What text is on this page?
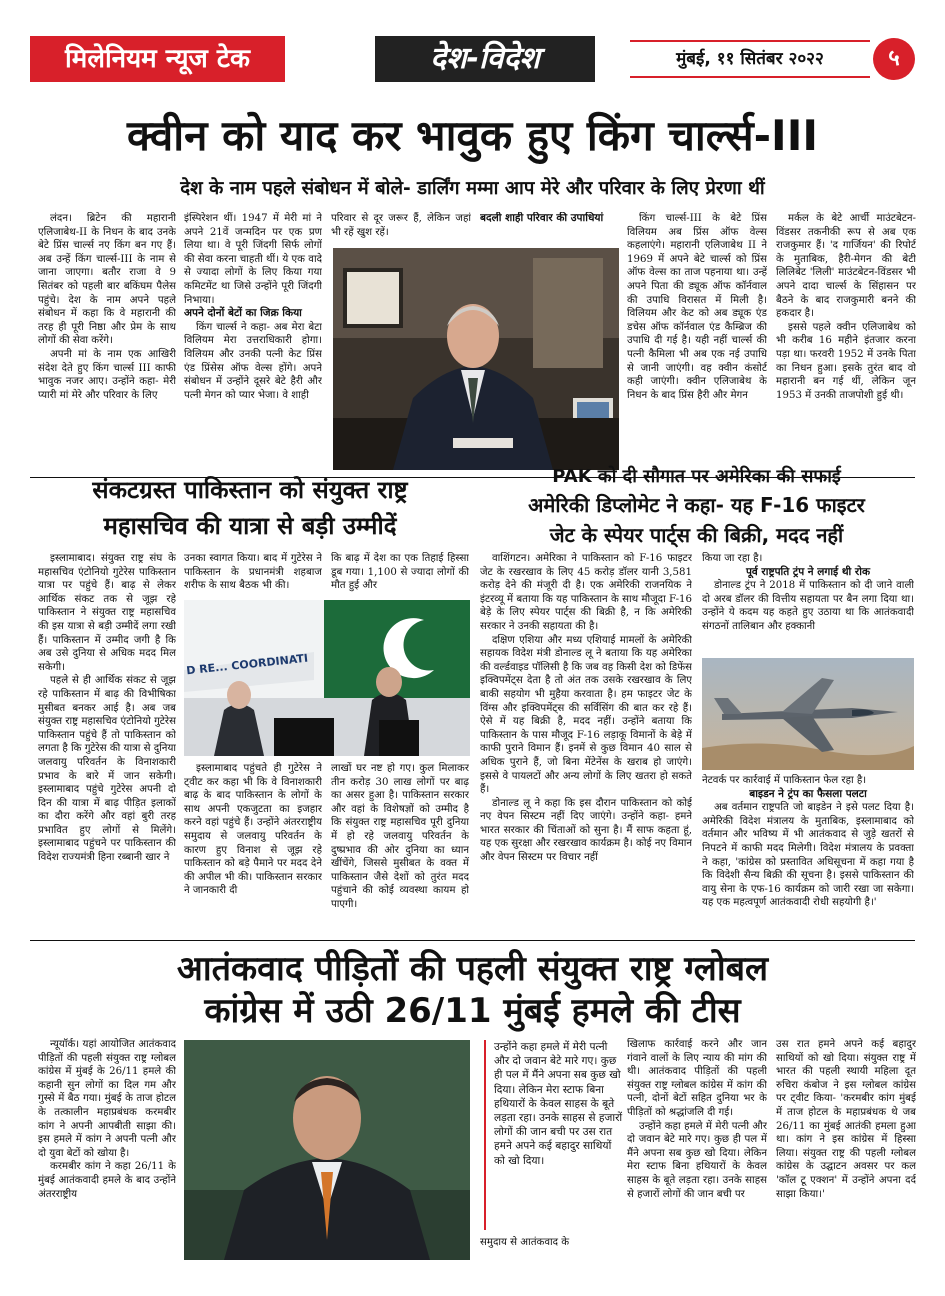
मिलेनियम न्यूज टेक	देश-विदेश	मुंबई, ११ सितंबर २०२२	५
क्वीन को याद कर भावुक हुए किंग चार्ल्स-III
देश के नाम पहले संबोधन में बोले- डार्लिंग मम्मा आप मेरे और परिवार के लिए प्रेरणा थीं

लंदन। ब्रिटेन की महारानी एलिजाबेथ-II के निधन के बाद उनके बेटे प्रिंस चार्ल्स नए किंग बन गए हैं। अब उन्हें किंग चार्ल्स-III के नाम से जाना जाएगा। बतौर राजा वे 9 सितंबर को पहली बार बकिंघम पैलेस पहुंचे। देश के नाम अपने पहले संबोधन में कहा कि वे महारानी की तरह ही पूरी निष्ठा और प्रेम के साथ लोगों की सेवा करेंगे।

अपनी मां के नाम एक आखिरी संदेश देते हुए किंग चार्ल्स III काफी भावुक नजर आए। उन्होंने कहा- मेरी प्यारी मां मेरे और परिवार के लिए

इंस्पिरेशन थीं। 1947 में मेरी मां ने अपने 21वें जन्मदिन पर एक प्रण लिया था। वे पूरी जिंदगी सिर्फ लोगों की सेवा करना चाहती थीं। ये एक वादे से ज्यादा लोगों के लिए किया गया कमिटमेंट था जिसे उन्होंने पूरी जिंदगी निभाया।

अपने दोनों बेटों का जिक्र किया

किंग चार्ल्स ने कहा- अब मेरा बेटा विलियम मेरा उत्तराधिकारी होगा। विलियम और उनकी पत्नी केट प्रिंस एंड प्रिंसेस ऑफ वेल्स होंगे। अपने संबोधन में उन्होंने दूसरे बेटे हैरी और पत्नी मेगन को प्यार भेजा। वे शाही

परिवार से दूर जरूर हैं, लेकिन जहां भी रहें खुश रहें।

बदली शाही परिवार की उपाधियां	किंग चार्ल्स-III के बेटे प्रिंस विलियम अब प्रिंस ऑफ वेल्स कहलाएंगे। महारानी एलिजाबेथ II ने 1969 में अपने बेटे चार्ल्स को प्रिंस ऑफ वेल्स का ताज पहनाया था। उन्हें अपने पिता की ड्यूक ऑफ कॉर्नवाल की उपाधि विरासत में मिली है। विलियम और केट को अब ड्यूक एंड डचेस ऑफ कॉर्नवाल एंड कैम्ब्रिज की उपाधि दी गई है। यही नहीं चार्ल्स की पत्नी कैमिला भी अब एक नई उपाधि से जानी जाएंगी। वह क्वीन कंसोर्ट कही जाएंगी। क्वीन एलिजाबेथ के निधन के बाद प्रिंस हैरी और मेगन

मर्कल के बेटे आर्ची माउंटबेटन-विंडसर तकनीकी रूप से अब एक राजकुमार हैं। 'द गार्जियन' की रिपोर्ट के मुताबिक, हैरी-मेगन की बेटी लिलिबेट 'लिली' माउंटबेटन-विंडसर भी अपने दादा चार्ल्स के सिंहासन पर बैठने के बाद राजकुमारी बनने की हकदार है।

इससे पहले क्वीन एलिजाबेथ को भी करीब 16 महीने इंतजार करना पड़ा था। फरवरी 1952 में उनके पिता का निधन हुआ। इसके तुरंत बाद वो महारानी बन गई थीं, लेकिन जून 1953 में उनकी ताजपोशी हुई थी।

संकटग्रस्त पाकिस्तान को संयुक्त राष्ट्र
महासचिव की यात्रा से बड़ी उम्मीदें

इस्लामाबाद। संयुक्त राष्ट्र संघ के महासचिव एंटोनियो गुटेरेस पाकिस्तान यात्रा पर पहुंचे हैं। बाढ़ से लेकर आर्थिक संकट तक से जूझ रहे पाकिस्तान ने संयुक्त राष्ट्र महासचिव की इस यात्रा से बड़ी उम्मीदें लगा रखी हैं। पाकिस्तान में उम्मीद जगी है कि अब उसे दुनिया से अधिक मदद मिल सकेगी।

पहले से ही आर्थिक संकट से जूझ रहे पाकिस्तान में बाढ़ की विभीषिका मुसीबत बनकर आई है। अब जब संयुक्त राष्ट्र महासचिव एंटोनियो गुटेरेस पाकिस्तान पहुंचे हैं तो पाकिस्तान को लगता है कि गुटेरेस की यात्रा से दुनिया जलवायु परिवर्तन के विनाशकारी प्रभाव के बारे में जान सकेगी। इस्लामाबाद पहुंचे गुटेरेस अपनी दो दिन की यात्रा में बाढ़ पीड़ित इलाकों का दौरा करेंगे और वहां बुरी तरह प्रभावित हुए लोगों से मिलेंगे। इस्लामाबाद पहुंचने पर पाकिस्तान की विदेश राज्यमंत्री हिना रब्बानी खार ने

उनका स्वागत किया। बाद में गुटेरेस ने पाकिस्तान के प्रधानमंत्री शहबाज शरीफ के साथ बैठक भी की।

कि बाढ़ में देश का एक तिहाई हिस्सा डूब गया। 1,100 से ज्यादा लोगों की मौत हुई और

D RE... COORDINATI

इस्लामाबाद पहुंचते ही गुटेरेस ने ट्वीट कर कहा भी कि वे विनाशकारी बाढ़ के बाद पाकिस्तान के लोगों के साथ अपनी एकजुटता का इजहार करने वहां पहुंचे हैं। उन्होंने अंतरराष्ट्रीय समुदाय से जलवायु परिवर्तन के कारण हुए विनाश से जूझ रहे पाकिस्तान को बड़े पैमाने पर मदद देने की अपील भी की। पाकिस्तान सरकार ने जानकारी दी

लाखों घर नष्ट हो गए। कुल मिलाकर तीन करोड़ 30 लाख लोगों पर बाढ़ का असर हुआ है। पाकिस्तान सरकार और वहां के विशेषज्ञों को उम्मीद है कि संयुक्त राष्ट्र महासचिव पूरी दुनिया में हो रहे जलवायु परिवर्तन के दुष्प्रभाव की ओर दुनिया का ध्यान खींचेंगे, जिससे मुसीबत के वक्त में पाकिस्तान जैसे देशों को तुरंत मदद पहुंचाने की कोई व्यवस्था कायम हो पाएगी।

PAK को दी सौगात पर अमेरिका की सफाई
अमेरिकी डिप्लोमेट ने कहा- यह F-16 फाइटर
जेट के स्पेयर पार्ट्स की बिक्री, मदद नहीं

वाशिंगटन। अमेरिका ने पाकिस्तान को F-16 फाइटर जेट के रखरखाव के लिए 45 करोड़ डॉलर यानी 3,581 करोड़ देने की मंजूरी दी है। एक अमेरिकी राजनयिक ने इंटरव्यू में बताया कि यह पाकिस्तान के साथ मौजूदा F-16 बेड़े के लिए स्पेयर पार्ट्स की बिक्री है, न कि अमेरिकी सरकार ने उनकी सहायता की है।

दक्षिण एशिया और मध्य एशियाई मामलों के अमेरिकी सहायक विदेश मंत्री डोनाल्ड लू ने बताया कि यह अमेरिका की वर्ल्डवाइड पॉलिसी है कि जब वह किसी देश को डिफेंस इक्विपमेंट्स देता है तो अंत तक उसके रखरखाव के लिए बाकी सहयोग भी मुहैया करवाता है। हम फाइटर जेट के विंग्स और इक्विपमेंट्स की सर्विसिंग की बात कर रहे हैं। ऐसे में यह बिक्री है, मदद नहीं। उन्होंने बताया कि पाकिस्तान के पास मौजूद F-16 लड़ाकू विमानों के बेड़े में काफी पुराने विमान हैं। इनमें से कुछ विमान 40 साल से अधिक पुराने हैं, जो बिना मेंटेनेंस के खराब हो जाएंगे। इससे वे पायलटों और अन्य लोगों के लिए खतरा हो सकते हैं।

डोनाल्ड लू ने कहा कि इस दौरान पाकिस्तान को कोई नए वेपन सिस्टम नहीं दिए जाएंगे। उन्होंने कहा- हमने भारत सरकार की चिंताओं को सुना है। मैं साफ कहता हूं, यह एक सुरक्षा और रखरखाव कार्यक्रम है। कोई नए विमान और वेपन सिस्टम पर विचार नहीं

किया जा रहा है।

पूर्व राष्ट्रपति ट्रंप ने लगाई थी रोक

डोनाल्ड ट्रंप ने 2018 में पाकिस्तान को दी जाने वाली दो अरब डॉलर की वित्तीय सहायता पर बैन लगा दिया था। उन्होंने ये कदम यह कहते हुए उठाया था कि आतंकवादी संगठनों तालिबान और हक्कानी

नेटवर्क पर कार्रवाई में पाकिस्तान फेल रहा है।

बाइडन ने ट्रंप का फैसला पलटा

अब वर्तमान राष्ट्रपति जो बाइडेन ने इसे पलट दिया है। अमेरिकी विदेश मंत्रालय के मुताबिक, इस्लामाबाद को वर्तमान और भविष्य में भी आतंकवाद से जुड़े खतरों से निपटने में काफी मदद मिलेगी। विदेश मंत्रालय के प्रवक्ता ने कहा, 'कांग्रेस को प्रस्तावित अधिसूचना में कहा गया है कि विदेशी सैन्य बिक्री की सूचना है। इससे पाकिस्तान की वायु सेना के एफ-16 कार्यक्रम को जारी रखा जा सकेगा। यह एक महत्वपूर्ण आतंकवादी रोधी सहयोगी है।'

आतंकवाद पीड़ितों की पहली संयुक्त राष्ट्र ग्लोबल
कांग्रेस में उठी 26/11 मुंबई हमले की टीस

न्यूयॉर्क। यहां आयोजित आतंकवाद पीड़ितों की पहली संयुक्त राष्ट्र ग्लोबल कांग्रेस में मुंबई के 26/11 हमले की कहानी सुन लोगों का दिल गम और गुस्से में बैठ गया। मुंबई के ताज होटल के तत्कालीन महाप्रबंधक करमबीर कांग ने अपनी आपबीती साझा की। इस हमले में कांग ने अपनी पत्नी और दो युवा बेटों को खोया है।

करमबीर कांग ने कहा 26/11 के मुंबई आतंकवादी हमले के बाद उन्होंने अंतरराष्ट्रीय

उन्होंने कहा हमले में मेरी पत्नी और दो जवान बेटे मारे गए। कुछ ही पल में मैंने अपना सब कुछ खो दिया। लेकिन मेरा स्टाफ बिना हथियारों के केवल साहस के बूते लड़ता रहा। उनके साहस से हजारों लोगों की जान बची पर उस रात हमने अपने कई बहादुर साथियों को खो दिया।

समुदाय से आतंकवाद के

खिलाफ कार्रवाई करने और जान गंवाने वालों के लिए न्याय की मांग की थी। आतंकवाद पीड़ितों की पहली संयुक्त राष्ट्र ग्लोबल कांग्रेस में कांग की पत्नी, दोनों बेटों सहित दुनिया भर के पीड़ितों को श्रद्धांजलि दी गई।

उन्होंने कहा हमले में मेरी पत्नी और दो जवान बेटे मारे गए। कुछ ही पल में मैंने अपना सब कुछ खो दिया। लेकिन मेरा स्टाफ बिना हथियारों के केवल साहस के बूते लड़ता रहा। उनके साहस से हजारों लोगों की जान बची पर

उस रात हमने अपने कई बहादुर साथियों को खो दिया। संयुक्त राष्ट्र में भारत की पहली स्थायी महिला दूत रुचिरा कंबोज ने इस ग्लोबल कांग्रेस पर ट्वीट किया- 'करमबीर कांग मुंबई में ताज होटल के महाप्रबंधक थे जब 26/11 का मुंबई आतंकी हमला हुआ था। कांग ने इस कांग्रेस में हिस्सा लिया। संयुक्त राष्ट्र की पहली ग्लोबल कांग्रेस के उद्घाटन अवसर पर कल 'कॉल टू एक्शन' में उन्होंने अपना दर्द साझा किया।'
